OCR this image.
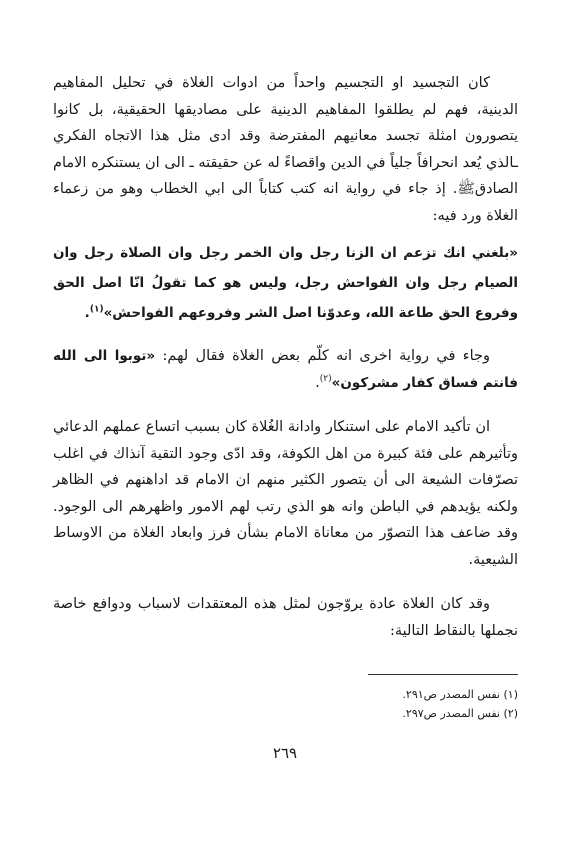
كان التجسيد او التجسيم واحداً من ادوات الغلاة في تحليل المفاهيم الدينية، فهم لم يطلقوا المفاهيم الدينية على مصاديقها الحقيقية، بل كانوا يتصورون امثلة تجسد معانيهم المفترضة وقد ادى مثل هذا الاتجاه الفكري ـالذي يُعد انحرافاً جلياً في الدين واقصاءً له عن حقيقته ـ الى ان يستنكره الامام الصادقﷺ. إذ جاء في رواية انه كتب كتاباً الى ابي الخطاب وهو من زعماء الغلاة ورد فيه:

«بلغني انك تزعم ان الزنا رجل وان الخمر رجل وان الصلاة رجل وان الصيام رجل وان الفواحش رجل، وليس هو كما تقولُ انّا اصل الحق وفروع الحق طاعة الله، وعدوّنا اصل الشر وفروعهم الفواحش»$^{(١)}$.

وجاء في رواية اخرى انه كلّم بعض الغلاة فقال لهم: «توبوا الى الله فانتم فساق كفار مشركون»$^{(٢)}$.

ان تأكيد الامام على استنكار وادانة الغُلاة كان بسبب اتساع عملهم الدعائي وتأثيرهم على فئة كبيرة من اهل الكوفة، وقد ادّى وجود التقية آنذاك في اغلب تصرّفات الشيعة الى أن يتصور الكثير منهم ان الامام قد اداهنهم في الظاهر ولكنه يؤيدهم في الباطن وانه هو الذي رتب لهم الامور واظهرهم الى الوجود. وقد ضاعف هذا التصوّر من معاناة الامام بشأن فرز وابعاد الغلاة من الاوساط الشيعية.

وقد كان الغلاة عادة يروّجون لمثل هذه المعتقدات لاسباب ودوافع خاصة نجملها بالنقاط التالية:

(١) نفس المصدر ص٢٩١.

(٢) نفس المصدر ص٢٩٧.

٢٦٩
